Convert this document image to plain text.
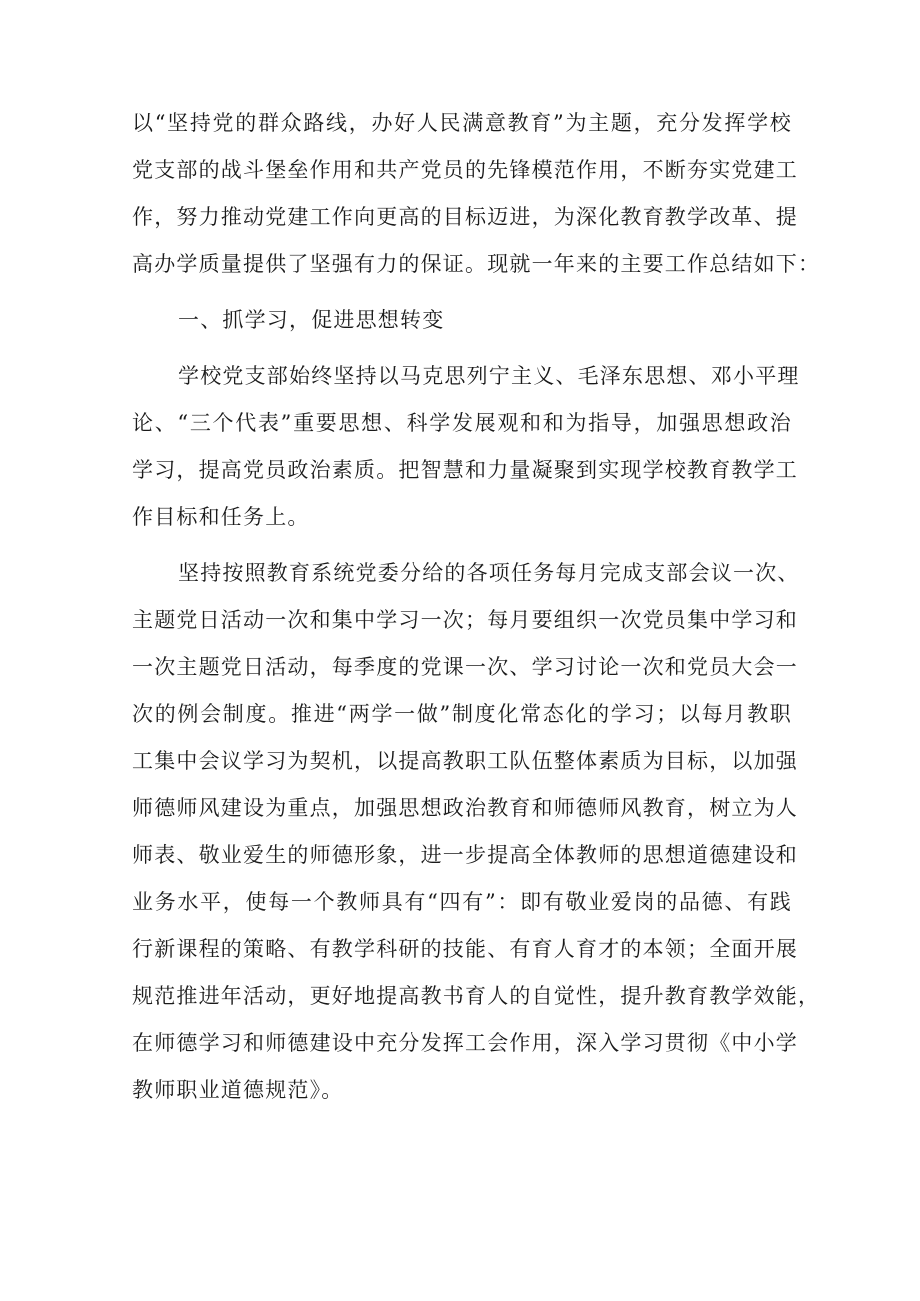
以“坚持党的群众路线，办好人民满意教育”为主题，充分发挥学校
党支部的战斗堡垒作用和共产党员的先锋模范作用，不断夯实党建工
作，努力推动党建工作向更高的目标迈进，为深化教育教学改革、提
高办学质量提供了坚强有力的保证。现就一年来的主要工作总结如下：
一、抓学习，促进思想转变
学校党支部始终坚持以马克思列宁主义、毛泽东思想、邓小平理
论、“三个代表”重要思想、科学发展观和和为指导，加强思想政治
学习，提高党员政治素质。把智慧和力量凝聚到实现学校教育教学工
作目标和任务上。
坚持按照教育系统党委分给的各项任务每月完成支部会议一次、
主题党日活动一次和集中学习一次；每月要组织一次党员集中学习和
一次主题党日活动，每季度的党课一次、学习讨论一次和党员大会一
次的例会制度。推进“两学一做”制度化常态化的学习；以每月教职
工集中会议学习为契机，以提高教职工队伍整体素质为目标，以加强
师德师风建设为重点，加强思想政治教育和师德师风教育，树立为人
师表、敬业爱生的师德形象，进一步提高全体教师的思想道德建设和
业务水平，使每一个教师具有“四有”：即有敬业爱岗的品德、有践
行新课程的策略、有教学科研的技能、有育人育才的本领；全面开展
规范推进年活动，更好地提高教书育人的自觉性，提升教育教学效能，
在师德学习和师德建设中充分发挥工会作用，深入学习贯彻《中小学
教师职业道德规范》。
